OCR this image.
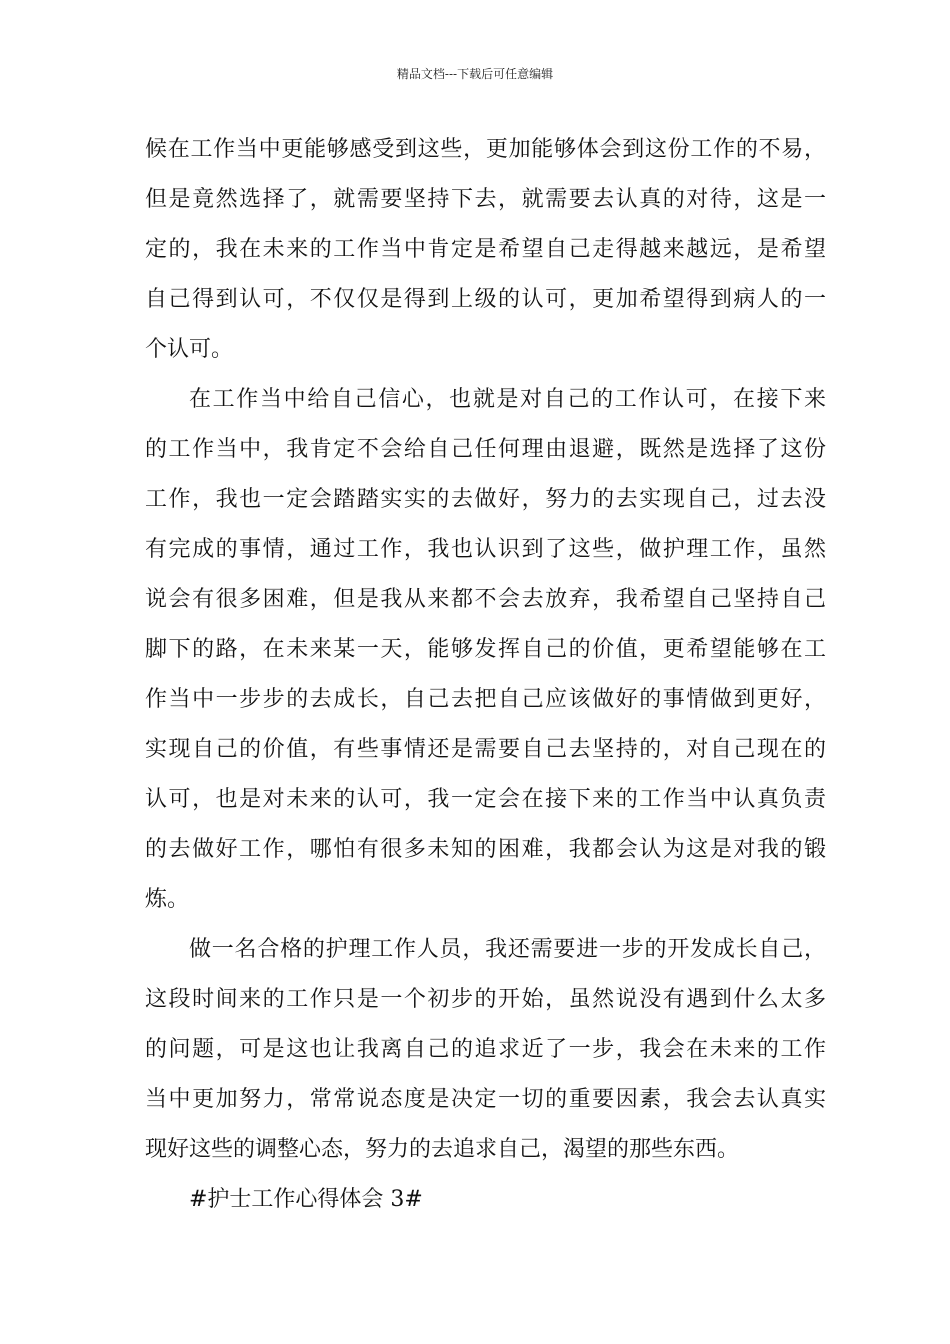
精品文档---下载后可任意编辑
候在工作当中更能够感受到这些，更加能够体会到这份工作的不易，
但是竟然选择了，就需要坚持下去，就需要去认真的对待，这是一
定的，我在未来的工作当中肯定是希望自己走得越来越远，是希望
自己得到认可，不仅仅是得到上级的认可，更加希望得到病人的一
个认可。
在工作当中给自己信心，也就是对自己的工作认可，在接下来
的工作当中，我肯定不会给自己任何理由退避，既然是选择了这份
工作，我也一定会踏踏实实的去做好，努力的去实现自己，过去没
有完成的事情，通过工作，我也认识到了这些，做护理工作，虽然
说会有很多困难，但是我从来都不会去放弃，我希望自己坚持自己
脚下的路，在未来某一天，能够发挥自己的价值，更希望能够在工
作当中一步步的去成长，自己去把自己应该做好的事情做到更好，
实现自己的价值，有些事情还是需要自己去坚持的，对自己现在的
认可，也是对未来的认可，我一定会在接下来的工作当中认真负责
的去做好工作，哪怕有很多未知的困难，我都会认为这是对我的锻
炼。
做一名合格的护理工作人员，我还需要进一步的开发成长自己，
这段时间来的工作只是一个初步的开始，虽然说没有遇到什么太多
的问题，可是这也让我离自己的追求近了一步，我会在未来的工作
当中更加努力，常常说态度是决定一切的重要因素，我会去认真实
现好这些的调整心态，努力的去追求自己，渴望的那些东西。
#护士工作心得体会 3#
